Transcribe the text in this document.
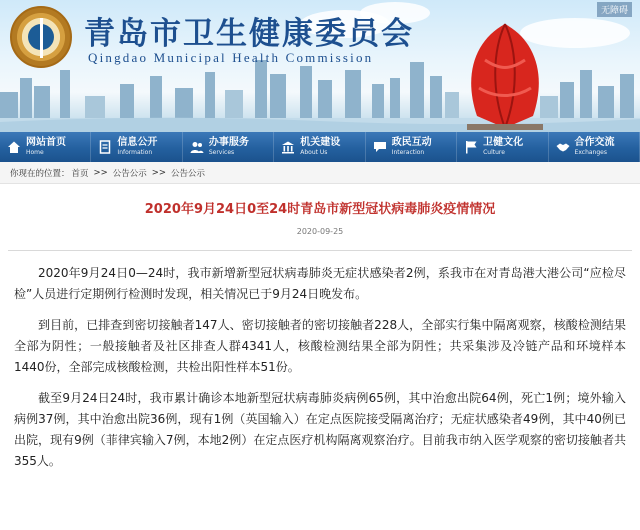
青岛市卫生健康委员会
Qingdao Municipal Health Commission
无障碍
网站首页
Home
信息公开
Information
办事服务
Services
机关建设
About Us
政民互动
Interaction
卫健文化
Culture
合作交流
Exchanges
你现在的位置： 首页 >> 公告公示 >> 公告公示
2020年9月24日0至24时青岛市新型冠状病毒肺炎疫情情况
2020-09-25

2020年9月24日0—24时，我市新增新型冠状病毒肺炎无症状感染者2例，系我市在对青岛港大港公司“应检尽检”人员进行定期例行检测时发现，相关情况已于9月24日晚发布。

到目前，已排查到密切接触者147人、密切接触者的密切接触者228人，全部实行集中隔离观察，核酸检测结果全部为阴性；一般接触者及社区排查人群4341人，核酸检测结果全部为阴性；共采集涉及冷链产品和环境样本1440份，全部完成核酸检测，共检出阳性样本51份。

截至9月24日24时，我市累计确诊本地新型冠状病毒肺炎病例65例，其中治愈出院64例，死亡1例；境外输入病例37例，其中治愈出院36例，现有1例（英国输入）在定点医院接受隔离治疗；无症状感染者49例，其中40例已出院，现有9例（菲律宾输入7例，本地2例）在定点医疗机构隔离观察治疗。目前我市纳入医学观察的密切接触者共355人。
